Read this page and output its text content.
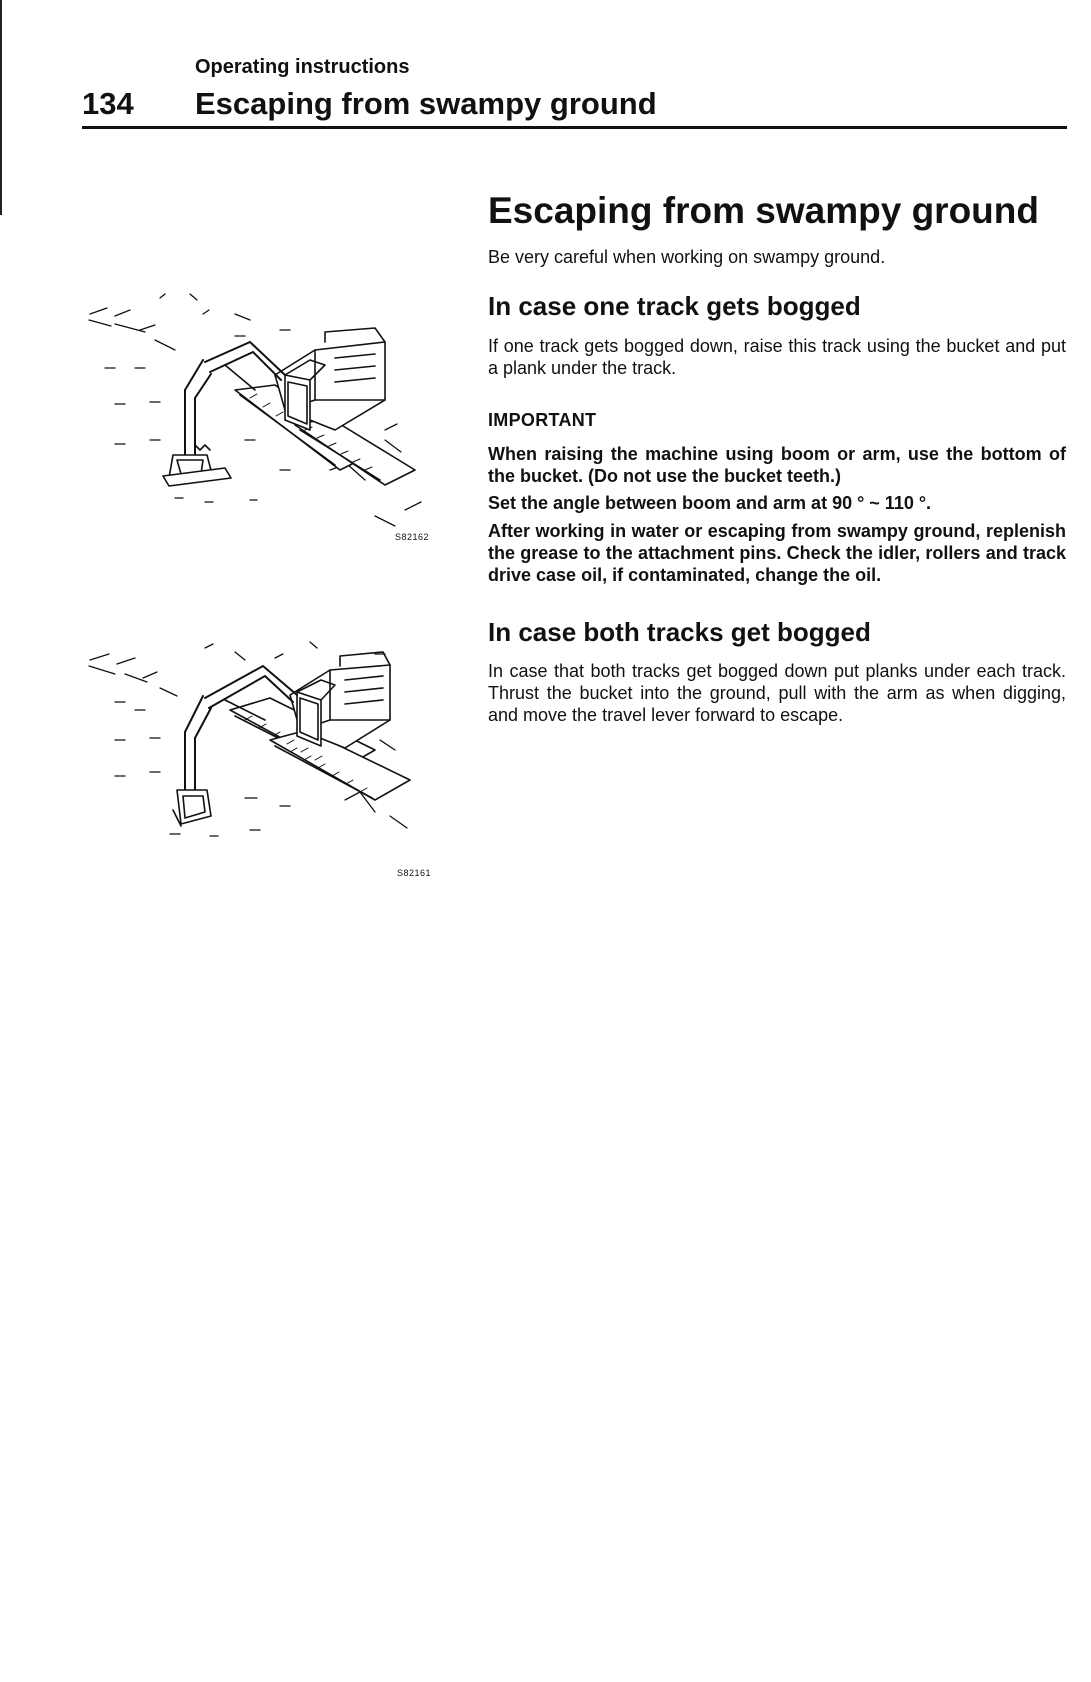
Operating instructions
134 Escaping from swampy ground
S82162
S82161
Escaping from swampy ground

Be very careful when working on swampy ground.

In case one track gets bogged

If one track gets bogged down, raise this track using the bucket and put a plank under the track.

IMPORTANT

When raising the machine using boom or arm, use the bottom of the bucket. (Do not use the bucket teeth.)

Set the angle between boom and arm at 90 ° ~ 110 °.

After working in water or escaping from swampy ground, replenish the grease to the attachment pins. Check the idler, rollers and track drive case oil, if contaminated, change the oil.

In case both tracks get bogged

In case that both tracks get bogged down put planks under each track. Thrust the bucket into the ground, pull with the arm as when digging, and move the travel lever forward to escape.
